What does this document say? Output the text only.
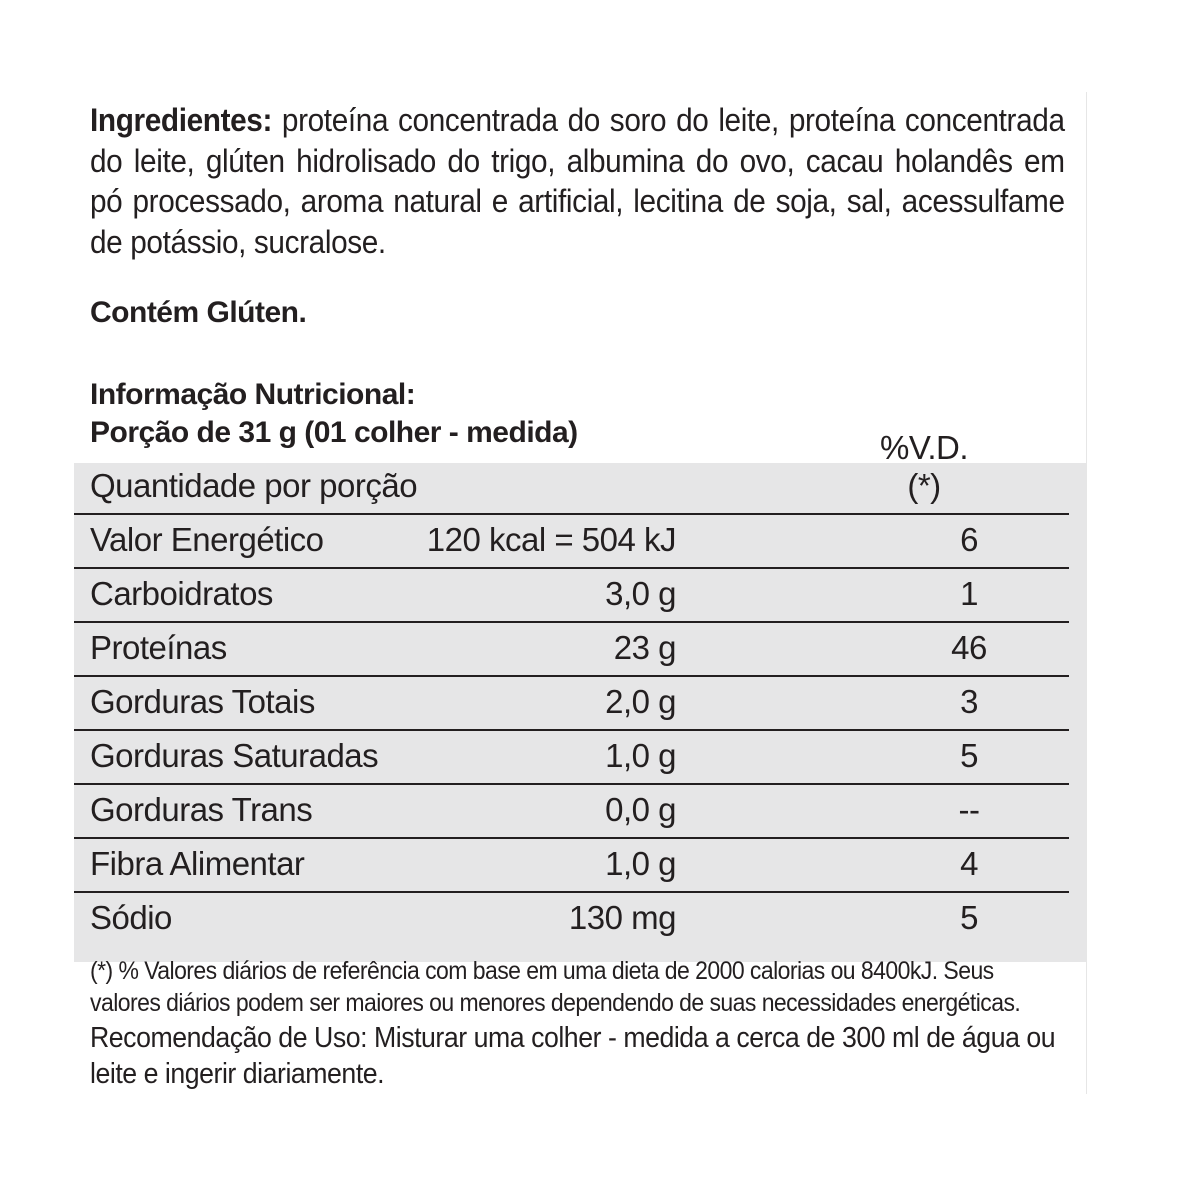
Ingredientes: proteína concentrada do soro do leite, proteína concentrada do leite, glúten hidrolisado do trigo, albumina do ovo, cacau holandês em pó processado, aroma natural e artificial, lecitina de soja, sal, acessulfame de potássio, sucralose.
Contém Glúten.
Informação Nutricional:
Porção de 31 g (01 colher - medida)
Quantidade por porção
%V.D.(*)
Valor Energético	120 kcal = 504 kJ	6
Carboidratos	3,0 g	1
Proteínas	23 g	46
Gorduras Totais	2,0 g	3
Gorduras Saturadas	1,0 g	5
Gorduras Trans	0,0 g	--
Fibra Alimentar	1,0 g	4
Sódio	130 mg	5
(*) % Valores diários de referência com base em uma dieta de 2000 calorias ou 8400kJ. Seus valores diários podem ser maiores ou menores dependendo de suas necessidades energéticas.
Recomendação de Uso: Misturar uma colher - medida a cerca de 300 ml de água ou leite e ingerir diariamente.
